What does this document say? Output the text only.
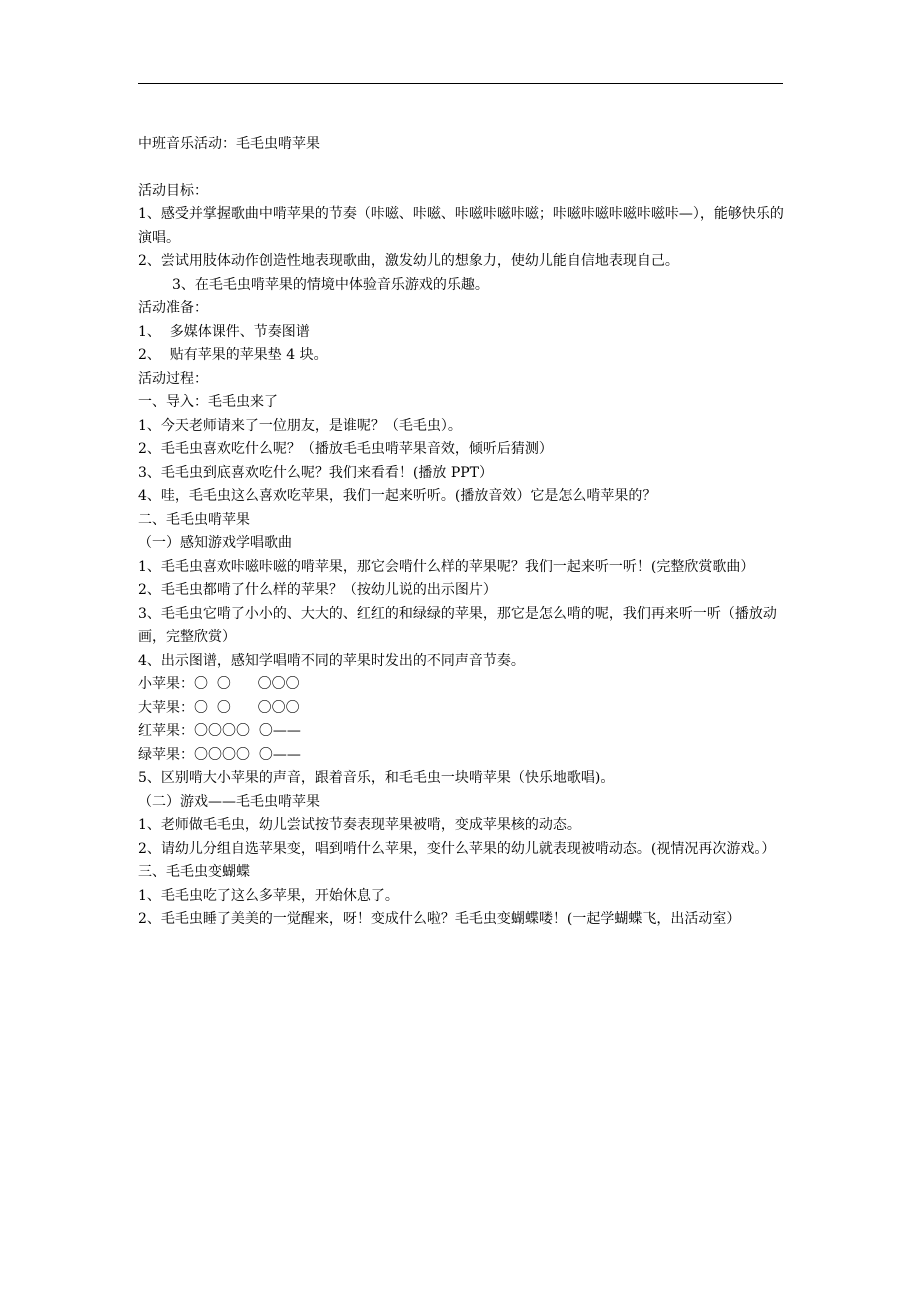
中班音乐活动：毛毛虫啃苹果

活动目标：

1、感受并掌握歌曲中啃苹果的节奏（咔嗞、咔嗞、咔嗞咔嗞咔嗞；咔嗞咔嗞咔嗞咔嗞咔—），能够快乐的演唱。

2、尝试用肢体动作创造性地表现歌曲，激发幼儿的想象力，使幼儿能自信地表现自己。

3、在毛毛虫啃苹果的情境中体验音乐游戏的乐趣。

活动准备：

1、  多媒体课件、节奏图谱

2、  贴有苹果的苹果垫 4 块。

活动过程：

一、导入：毛毛虫来了

1、今天老师请来了一位朋友，是谁呢？（毛毛虫）。

2、毛毛虫喜欢吃什么呢？（播放毛毛虫啃苹果音效，倾听后猜测）

3、毛毛虫到底喜欢吃什么呢？我们来看看！(播放 PPT）

4、哇，毛毛虫这么喜欢吃苹果，我们一起来听听。(播放音效）它是怎么啃苹果的？

二、毛毛虫啃苹果

（一）感知游戏学唱歌曲

1、毛毛虫喜欢咔嗞咔嗞的啃苹果，那它会啃什么样的苹果呢？我们一起来听一听！(完整欣赏歌曲）

2、毛毛虫都啃了什么样的苹果？（按幼儿说的出示图片）

3、毛毛虫它啃了小小的、大大的、红红的和绿绿的苹果，那它是怎么啃的呢，我们再来听一听（播放动画，完整欣赏）

4、出示图谱，感知学唱啃不同的苹果时发出的不同声音节奏。

小苹果：〇  〇      〇〇〇

大苹果：〇  〇      〇〇〇

红苹果：〇〇〇〇  〇——

绿苹果：〇〇〇〇  〇——

5、区别啃大小苹果的声音，跟着音乐，和毛毛虫一块啃苹果（快乐地歌唱)。

（二）游戏——毛毛虫啃苹果

1、老师做毛毛虫，幼儿尝试按节奏表现苹果被啃，变成苹果核的动态。

2、请幼儿分组自选苹果变，唱到啃什么苹果，变什么苹果的幼儿就表现被啃动态。(视情况再次游戏。）

三、毛毛虫变蝴蝶

1、毛毛虫吃了这么多苹果，开始休息了。

2、毛毛虫睡了美美的一觉醒来，呀！变成什么啦？毛毛虫变蝴蝶喽！(一起学蝴蝶飞，出活动室）
